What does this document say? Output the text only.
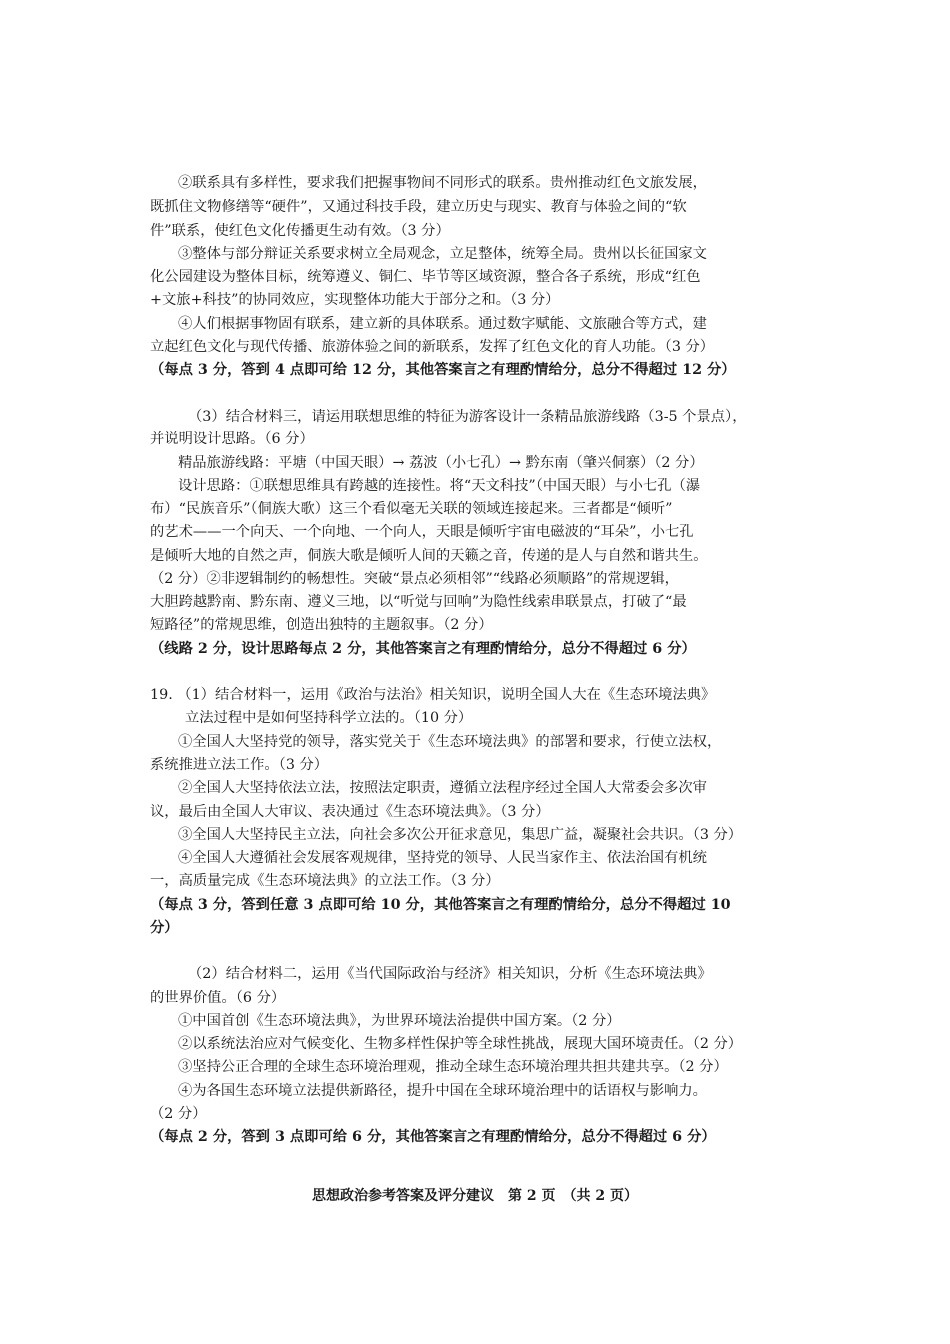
②联系具有多样性，要求我们把握事物间不同形式的联系。贵州推动红色文旅发展，

既抓住文物修缮等“硬件”，又通过科技手段，建立历史与现实、教育与体验之间的“软

件”联系，使红色文化传播更生动有效。（3 分）

③整体与部分辩证关系要求树立全局观念，立足整体，统筹全局。贵州以长征国家文

化公园建设为整体目标，统筹遵义、铜仁、毕节等区域资源，整合各子系统，形成“红色

+文旅+科技”的协同效应，实现整体功能大于部分之和。（3 分）

④人们根据事物固有联系，建立新的具体联系。通过数字赋能、文旅融合等方式，建

立起红色文化与现代传播、旅游体验之间的新联系，发挥了红色文化的育人功能。（3 分）

（每点 3 分，答到 4 点即可给 12 分，其他答案言之有理酌情给分，总分不得超过 12 分）

（3）结合材料三，请运用联想思维的特征为游客设计一条精品旅游线路（3-5 个景点），

并说明设计思路。（6 分）

精品旅游线路：平塘（中国天眼）→ 荔波（小七孔）→ 黔东南（肇兴侗寨）（2 分）

设计思路：①联想思维具有跨越的连接性。将“天文科技”（中国天眼）与小七孔（瀑

布）“民族音乐”（侗族大歌）这三个看似毫无关联的领域连接起来。三者都是“倾听”

的艺术——一个向天、一个向地、一个向人，天眼是倾听宇宙电磁波的“耳朵”，小七孔

是倾听大地的自然之声，侗族大歌是倾听人间的天籁之音，传递的是人与自然和谐共生。

（2 分）②非逻辑制约的畅想性。突破“景点必须相邻”“线路必须顺路”的常规逻辑，

大胆跨越黔南、黔东南、遵义三地，以“听觉与回响”为隐性线索串联景点，打破了“最

短路径”的常规思维，创造出独特的主题叙事。（2 分）

（线路 2 分，设计思路每点 2 分，其他答案言之有理酌情给分，总分不得超过 6 分）

19. （1）结合材料一，运用《政治与法治》相关知识，说明全国人大在《生态环境法典》

立法过程中是如何坚持科学立法的。（10 分）

①全国人大坚持党的领导，落实党关于《生态环境法典》的部署和要求，行使立法权，

系统推进立法工作。（3 分）

②全国人大坚持依法立法，按照法定职责，遵循立法程序经过全国人大常委会多次审

议，最后由全国人大审议、表决通过《生态环境法典》。（3 分）

③全国人大坚持民主立法，向社会多次公开征求意见，集思广益，凝聚社会共识。（3 分）

④全国人大遵循社会发展客观规律，坚持党的领导、人民当家作主、依法治国有机统

一，高质量完成《生态环境法典》的立法工作。（3 分）

（每点 3 分，答到任意 3 点即可给 10 分，其他答案言之有理酌情给分，总分不得超过 10

分）

（2）结合材料二，运用《当代国际政治与经济》相关知识，分析《生态环境法典》

的世界价值。（6 分）

①中国首创《生态环境法典》，为世界环境法治提供中国方案。（2 分）

②以系统法治应对气候变化、生物多样性保护等全球性挑战，展现大国环境责任。（2 分）

③坚持公正合理的全球生态环境治理观，推动全球生态环境治理共担共建共享。（2 分）

④为各国生态环境立法提供新路径，提升中国在全球环境治理中的话语权与影响力。

（2 分）

（每点 2 分，答到 3 点即可给 6 分，其他答案言之有理酌情给分，总分不得超过 6 分）

思想政治参考答案及评分建议　第 2 页　（共 2 页）
